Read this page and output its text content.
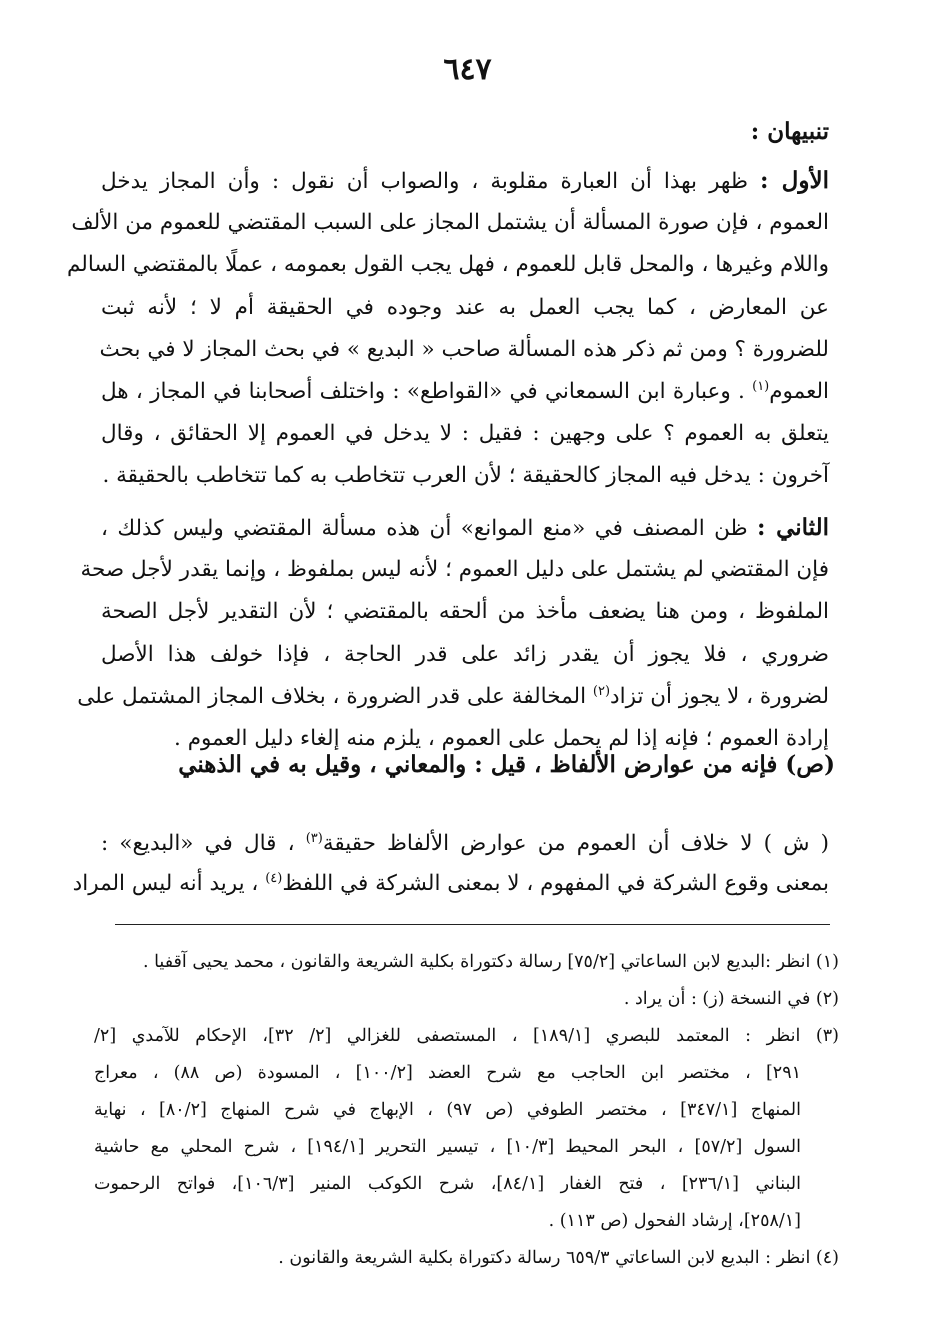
٦٤٧
تنبيهان :
الأول : ظهر بهذا أن العبارة مقلوبة ، والصواب أن نقول : وأن المجاز يدخل
العموم ، فإن صورة المسألة أن يشتمل المجاز على السبب المقتضي للعموم من الألف
واللام وغيرها ، والمحل قابل للعموم ، فهل يجب القول بعمومه ، عملًا بالمقتضي السالم
عن المعارض ، كما يجب العمل به عند وجوده في الحقيقة أم لا ؛ لأنه ثبت
للضرورة ؟ ومن ثم ذكر هذه المسألة صاحب « البديع » في بحث المجاز لا في بحث
العموم$^{(١)}$ . وعبارة ابن السمعاني في «القواطع» : واختلف أصحابنا في المجاز ، هل
يتعلق به العموم ؟ على وجهين : فقيل : لا يدخل في العموم إلا الحقائق ، وقال
آخرون : يدخل فيه المجاز كالحقيقة ؛ لأن العرب تتخاطب به كما تتخاطب بالحقيقة .
الثاني : ظن المصنف في «منع الموانع» أن هذه مسألة المقتضي وليس كذلك ،
فإن المقتضي لم يشتمل على دليل العموم ؛ لأنه ليس بملفوظ ، وإنما يقدر لأجل صحة
الملفوظ ، ومن هنا يضعف مأخذ من ألحقه بالمقتضي ؛ لأن التقدير لأجل الصحة
ضروري ، فلا يجوز أن يقدر زائد على قدر الحاجة ، فإذا خولف هذا الأصل
لضرورة ، لا يجوز أن تزاد$^{(٢)}$ المخالفة على قدر الضرورة ، بخلاف المجاز المشتمل على
إرادة العموم ؛ فإنه إذا لم يحمل على العموم ، يلزم منه إلغاء دليل العموم .
(ص) فإنه من عوارض الألفاظ ، قيل : والمعاني ، وقيل به في الذهني
( ش ) لا خلاف أن العموم من عوارض الألفاظ حقيقة$^{(٣)}$ ، قال في «البديع» :
بمعنى وقوع الشركة في المفهوم ، لا بمعنى الشركة في اللفظ$^{(٤)}$ ، يريد أنه ليس المراد
(١) انظر :البديع لابن الساعاتي [٧٥/٢] رسالة دكتوراة بكلية الشريعة والقانون ، محمد يحيى آقفيا .
(٢) في النسخة (ز) : أن يراد .
(٣) انظر : المعتمد للبصري [١٨٩/١] ، المستصفى للغزالي [٢/ ٣٢]، الإحكام للآمدي [٢/
٢٩١] ، مختصر ابن الحاجب مع شرح العضد [١٠٠/٢] ، المسودة (ص ٨٨) ، معراج
المنهاج [٣٤٧/١] ، مختصر الطوفي (ص ٩٧) ، الإبهاج في شرح المنهاج [٨٠/٢] ، نهاية
السول [٥٧/٢] ، البحر المحيط [١٠/٣] ، تيسير التحرير [١٩٤/١] ، شرح المحلي مع حاشية
البناني [٢٣٦/١] ، فتح الغفار [٨٤/١]، شرح الكوكب المنير [١٠٦/٣]، فواتح الرحموت
[٢٥٨/١]، إرشاد الفحول (ص ١١٣) .
(٤) انظر : البديع لابن الساعاتي ٦٥٩/٣ رسالة دكتوراة بكلية الشريعة والقانون .
